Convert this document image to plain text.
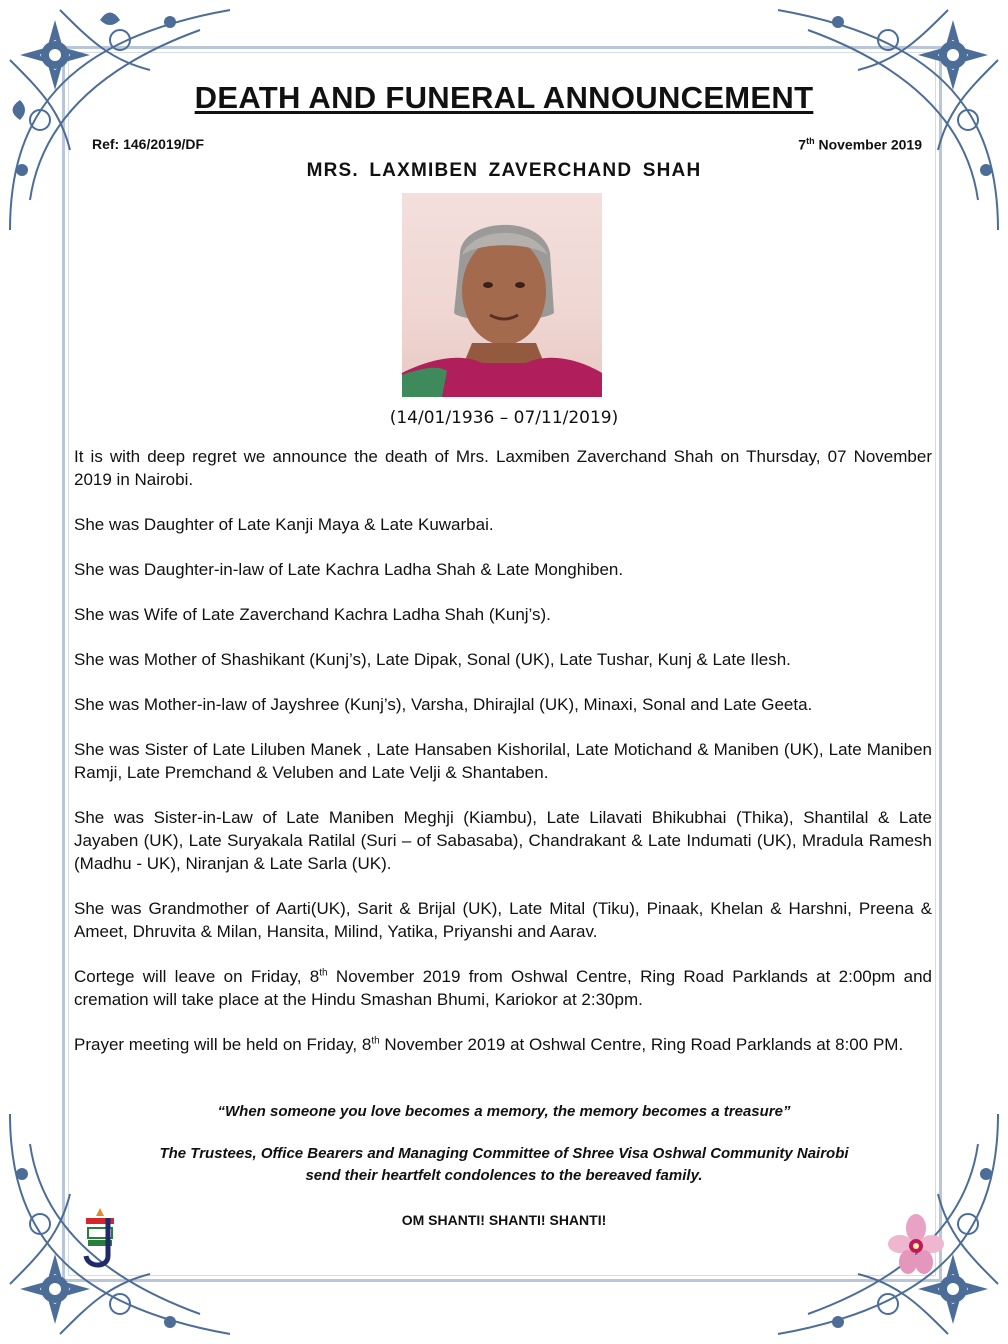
DEATH AND FUNERAL ANNOUNCEMENT
Ref: 146/2019/DF	7th November 2019
MRS. LAXMIBEN ZAVERCHAND SHAH
(14/01/1936 – 07/11/2019)

It is with deep regret we announce the death of Mrs. Laxmiben Zaverchand Shah on Thursday, 07 November 2019 in Nairobi.

She was Daughter of Late Kanji Maya & Late Kuwarbai.

She was Daughter-in-law of Late Kachra Ladha Shah & Late Monghiben.

She was Wife of Late Zaverchand Kachra Ladha Shah (Kunj’s).

She was Mother of Shashikant (Kunj’s), Late Dipak, Sonal (UK), Late Tushar, Kunj & Late Ilesh.

She was Mother-in-law of Jayshree (Kunj’s), Varsha, Dhirajlal (UK), Minaxi, Sonal and Late Geeta.

She was Sister of Late Liluben Manek , Late Hansaben Kishorilal, Late Motichand & Maniben (UK), Late Maniben Ramji, Late Premchand & Veluben and Late Velji & Shantaben.

She was Sister-in-Law of Late Maniben Meghji (Kiambu), Late Lilavati Bhikubhai (Thika), Shantilal & Late Jayaben (UK), Late Suryakala Ratilal (Suri – of Sabasaba), Chandrakant & Late Indumati (UK), Mradula Ramesh (Madhu - UK), Niranjan & Late Sarla (UK).

She was Grandmother of Aarti(UK), Sarit & Brijal (UK), Late Mital (Tiku), Pinaak, Khelan & Harshni, Preena & Ameet, Dhruvita & Milan, Hansita, Milind, Yatika, Priyanshi and Aarav.

Cortege will leave on Friday, 8th November 2019 from Oshwal Centre, Ring Road Parklands at 2:00pm and cremation will take place at the Hindu Smashan Bhumi, Kariokor at 2:30pm.

Prayer meeting will be held on Friday, 8th November 2019 at Oshwal Centre, Ring Road Parklands at 8:00 PM.

“When someone you love becomes a memory, the memory becomes a treasure”
The Trustees, Office Bearers and Managing Committee of Shree Visa Oshwal Community Nairobi
send their heartfelt condolences to the bereaved family.
OM SHANTI! SHANTI! SHANTI!
